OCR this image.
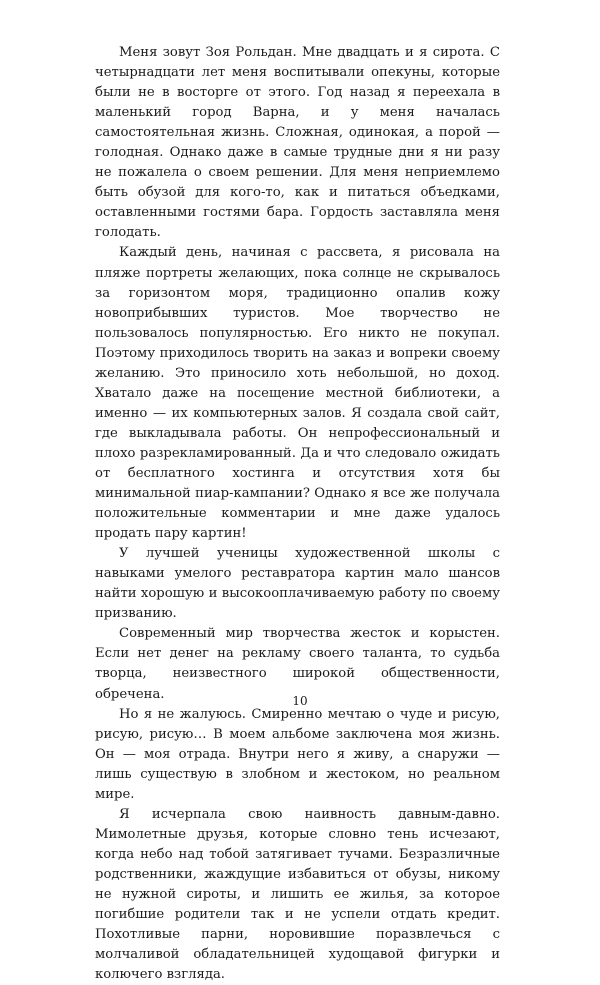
Меня зовут Зоя Рольдан. Мне двадцать и я сирота. С четырнадцати лет меня воспитывали опекуны, которые были не в восторге от этого. Год назад я переехала в маленький город Варна, и у меня началась самостоятельная жизнь. Сложная, одинокая, а порой — голодная. Однако даже в самые трудные дни я ни разу не пожалела о своем решении. Для меня неприемлемо быть обузой для кого-то, как и питаться объедками, оставленными гостями бара. Гордость заставляла меня голодать.

Каждый день, начиная с рассвета, я рисовала на пляже портреты желающих, пока солнце не скрывалось за горизонтом моря, традиционно опалив кожу новоприбывших туристов. Мое творчество не пользовалось популярностью. Его никто не покупал. Поэтому приходилось творить на заказ и вопреки своему желанию. Это приносило хоть небольшой, но доход. Хватало даже на посещение местной библиотеки, а именно — их компьютерных залов. Я создала свой сайт, где выкладывала работы. Он непрофессиональный и плохо разрекламированный. Да и что следовало ожидать от бесплатного хостинга и отсутствия хотя бы минимальной пиар-кампании? Однако я все же получала положительные комментарии и мне даже удалось продать пару картин!

У лучшей ученицы художественной школы с навыками умелого реставратора картин мало шансов найти хорошую и высокооплачиваемую работу по своему призванию.

Современный мир творчества жесток и корыстен. Если нет денег на рекламу своего таланта, то судьба творца, неизвестного широкой общественности, обречена.

Но я не жалуюсь. Смиренно мечтаю о чуде и рисую, рисую, рисую… В моем альбоме заключена моя жизнь. Он — моя отрада. Внутри него я живу, а снаружи — лишь существую в злобном и жестоком, но реальном мире.

Я исчерпала свою наивность давным-давно. Мимолетные друзья, которые словно тень исчезают, когда небо над тобой затягивает тучами. Безразличные родственники, жаждущие избавиться от обузы, никому не нужной сироты, и лишить ее жилья, за которое погибшие родители так и не успели отдать кредит. Похотливые парни, норовившие поразвлечься с молчаливой обладательницей худощавой фигурки и колючего взгляда.

10
